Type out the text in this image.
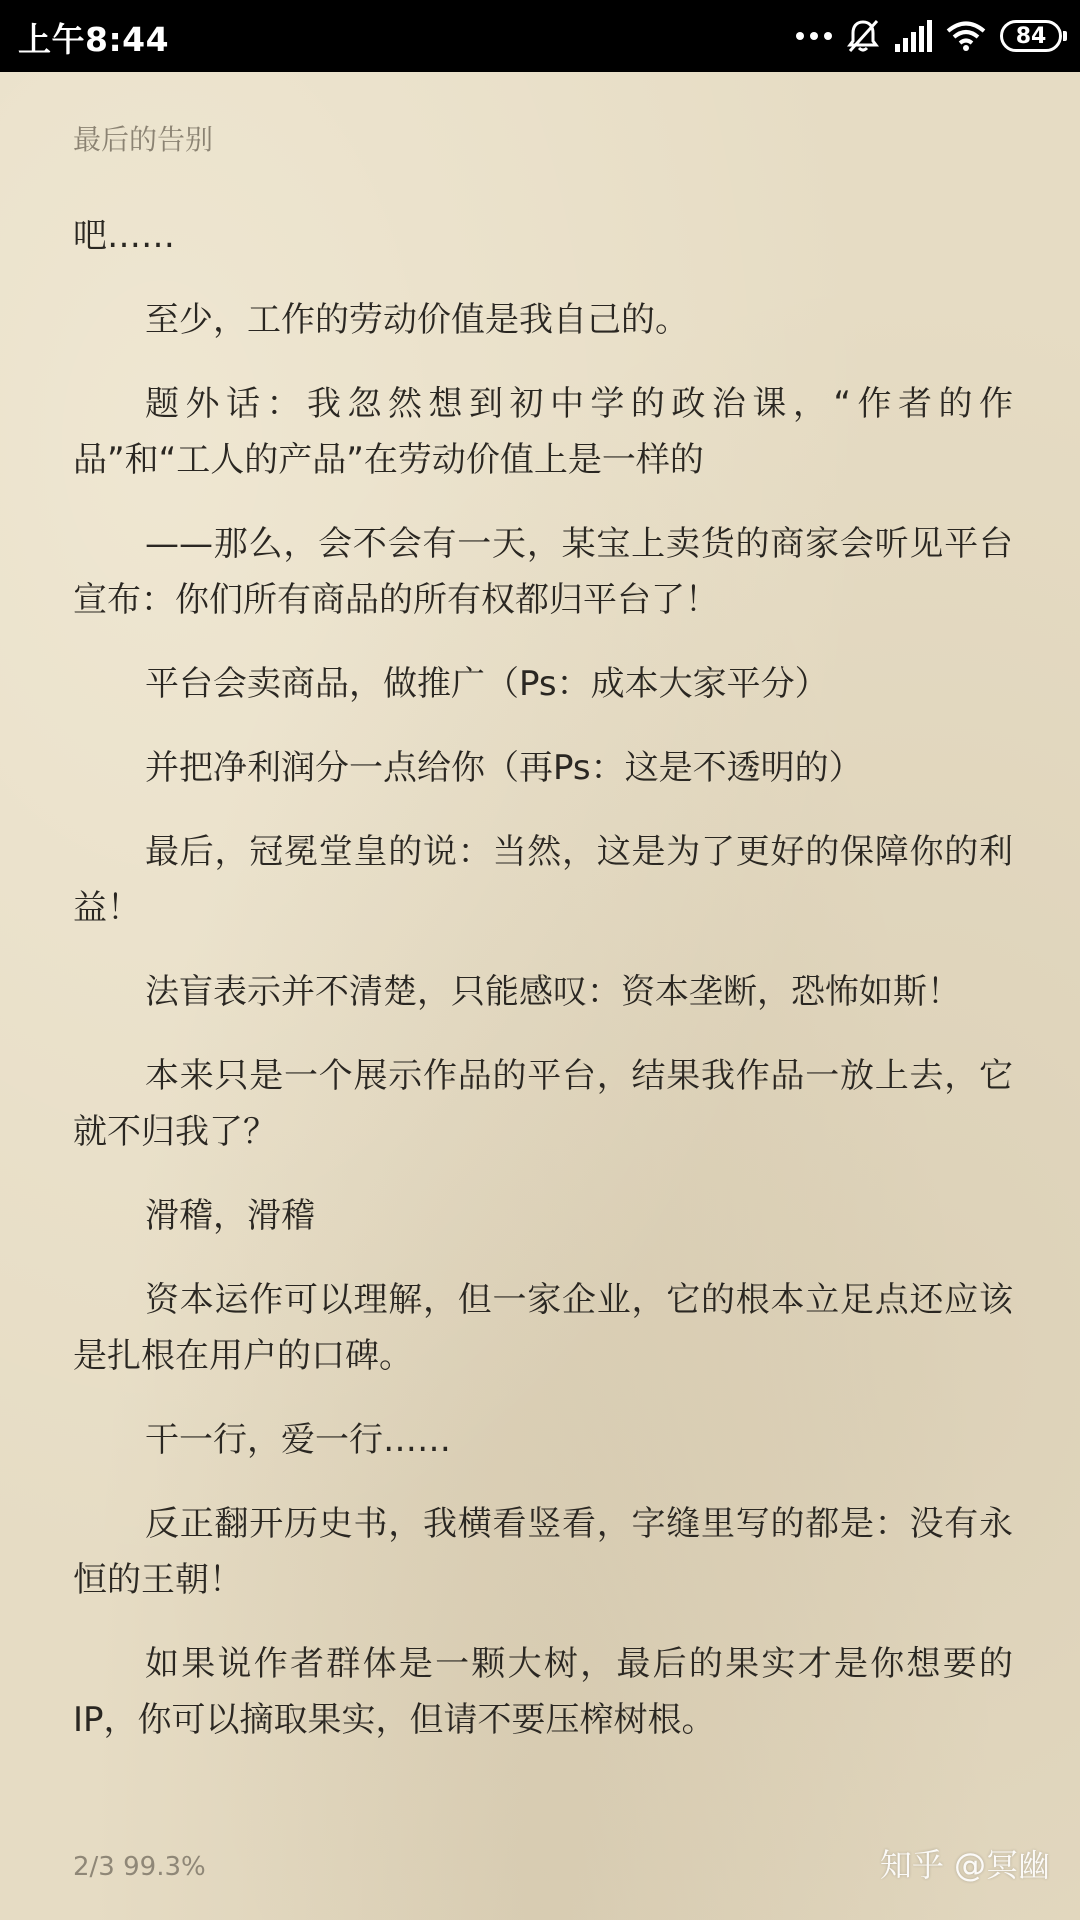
上午8:44	84
最后的告别

吧……

至少，工作的劳动价值是我自己的。

题外话：我忽然想到初中学的政治课，“作者的作品”和“工人的产品”在劳动价值上是一样的

——那么，会不会有一天，某宝上卖货的商家会听见平台宣布：你们所有商品的所有权都归平台了！

平台会卖商品，做推广（Ps：成本大家平分）

并把净利润分一点给你（再Ps：这是不透明的）

最后，冠冕堂皇的说：当然，这是为了更好的保障你的利益！

法盲表示并不清楚，只能感叹：资本垄断，恐怖如斯！

本来只是一个展示作品的平台，结果我作品一放上去，它就不归我了？

滑稽，滑稽

资本运作可以理解，但一家企业，它的根本立足点还应该是扎根在用户的口碑。

干一行，爱一行……

反正翻开历史书，我横看竖看，字缝里写的都是：没有永恒的王朝！

如果说作者群体是一颗大树，最后的果实才是你想要的IP，你可以摘取果实，但请不要压榨树根。

2/3 99.3%	知乎 @冥幽
